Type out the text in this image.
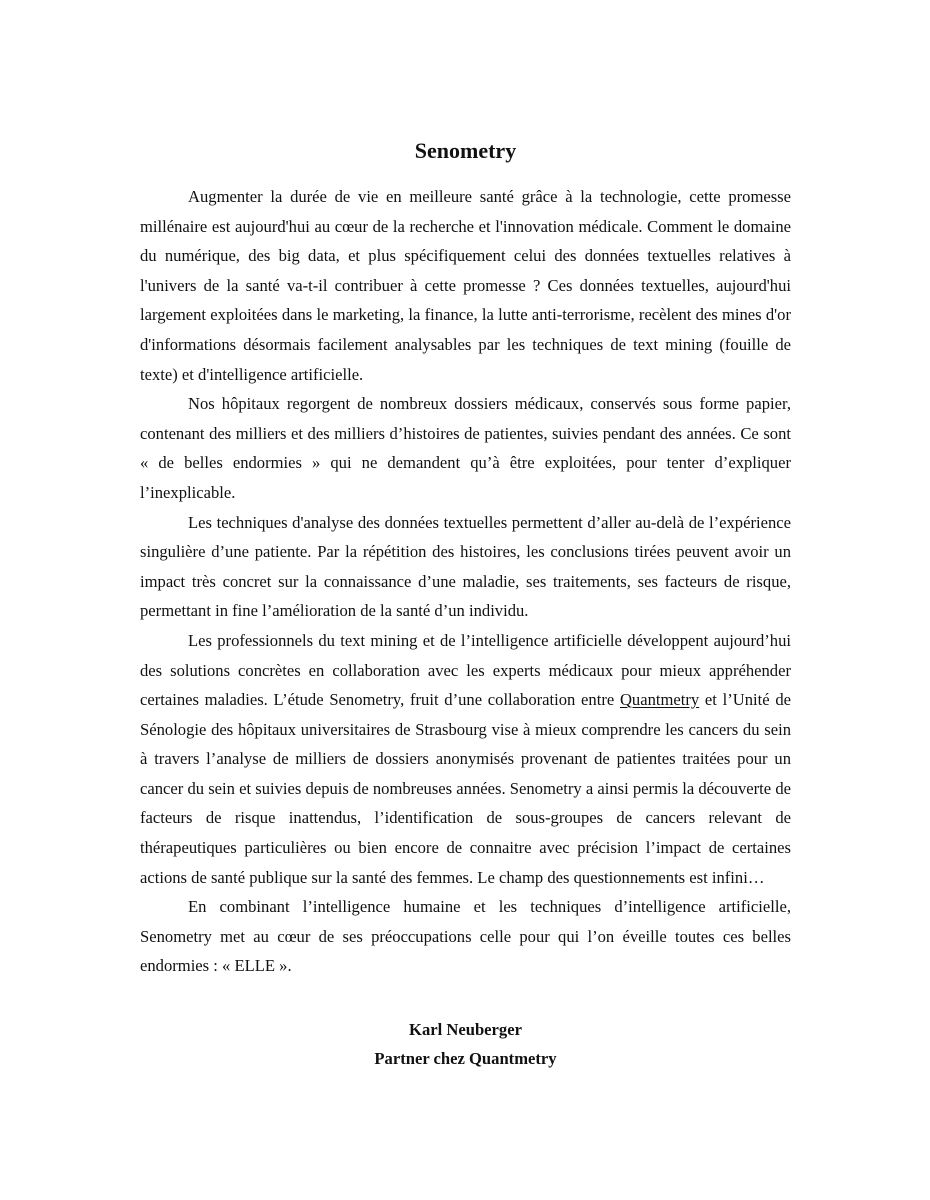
Senometry

Augmenter la durée de vie en meilleure santé grâce à la technologie, cette promesse millénaire est aujourd'hui au cœur de la recherche et l'innovation médicale. Comment le domaine du numérique, des big data, et plus spécifiquement celui des données textuelles relatives à l'univers de la santé va-t-il contribuer à cette promesse ? Ces données textuelles, aujourd'hui largement exploitées dans le marketing, la finance, la lutte anti-terrorisme, recèlent des mines d'or d'informations désormais facilement analysables par les techniques de text mining (fouille de texte) et d'intelligence artificielle.

Nos hôpitaux regorgent de nombreux dossiers médicaux, conservés sous forme papier, contenant des milliers et des milliers d’histoires de patientes, suivies pendant des années. Ce sont « de belles endormies » qui ne demandent qu’à être exploitées, pour tenter d’expliquer l’inexplicable.

Les techniques d'analyse des données textuelles permettent d’aller au-delà de l’expérience singulière d’une patiente. Par la répétition des histoires, les conclusions tirées peuvent avoir un impact très concret sur la connaissance d’une maladie, ses traitements, ses facteurs de risque, permettant in fine l’amélioration de la santé d’un individu.

Les professionnels du text mining et de l’intelligence artificielle développent aujourd’hui des solutions concrètes en collaboration avec les experts médicaux pour mieux appréhender certaines maladies. L’étude Senometry, fruit d’une collaboration entre Quantmetry et l’Unité de Sénologie des hôpitaux universitaires de Strasbourg vise à mieux comprendre les cancers du sein à travers l’analyse de milliers de dossiers anonymisés provenant de patientes traitées pour un cancer du sein et suivies depuis de nombreuses années. Senometry a ainsi permis la découverte de facteurs de risque inattendus, l’identification de sous-groupes de cancers relevant de thérapeutiques particulières ou bien encore de connaitre avec précision l’impact de certaines actions de santé publique sur la santé des femmes. Le champ des questionnements est infini…

En combinant l’intelligence humaine et les techniques d’intelligence artificielle, Senometry met au cœur de ses préoccupations celle pour qui l’on éveille toutes ces belles endormies : « ELLE ».

Karl Neuberger
Partner chez Quantmetry
